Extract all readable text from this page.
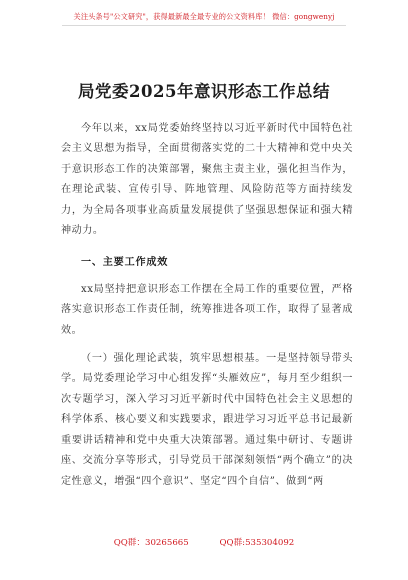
关注头条号"公文研究"，获得最新最全最专业的公文资料库！ 微信：gongwenyj
局党委2025年意识形态工作总结

今年以来，xx局党委始终坚持以习近平新时代中国特色社会主义思想为指导，全面贯彻落实党的二十大精神和党中央关于意识形态工作的决策部署，聚焦主责主业，强化担当作为，在理论武装、宣传引导、阵地管理、风险防范等方面持续发力，为全局各项事业高质量发展提供了坚强思想保证和强大精神动力。

一、主要工作成效

xx局坚持把意识形态工作摆在全局工作的重要位置，严格落实意识形态工作责任制，统筹推进各项工作，取得了显著成效。

（一）强化理论武装，筑牢思想根基。一是坚持领导带头学。局党委理论学习中心组发挥“头雁效应”，每月至少组织一次专题学习，深入学习习近平新时代中国特色社会主义思想的科学体系、核心要义和实践要求，跟进学习习近平总书记最新重要讲话精神和党中央重大决策部署。通过集中研讨、专题讲座、交流分享等形式，引导党员干部深刻领悟“两个确立”的决定性意义，增强“四个意识”、坚定“四个自信”、做到“两

QQ群：30265665	QQ群:535304092
